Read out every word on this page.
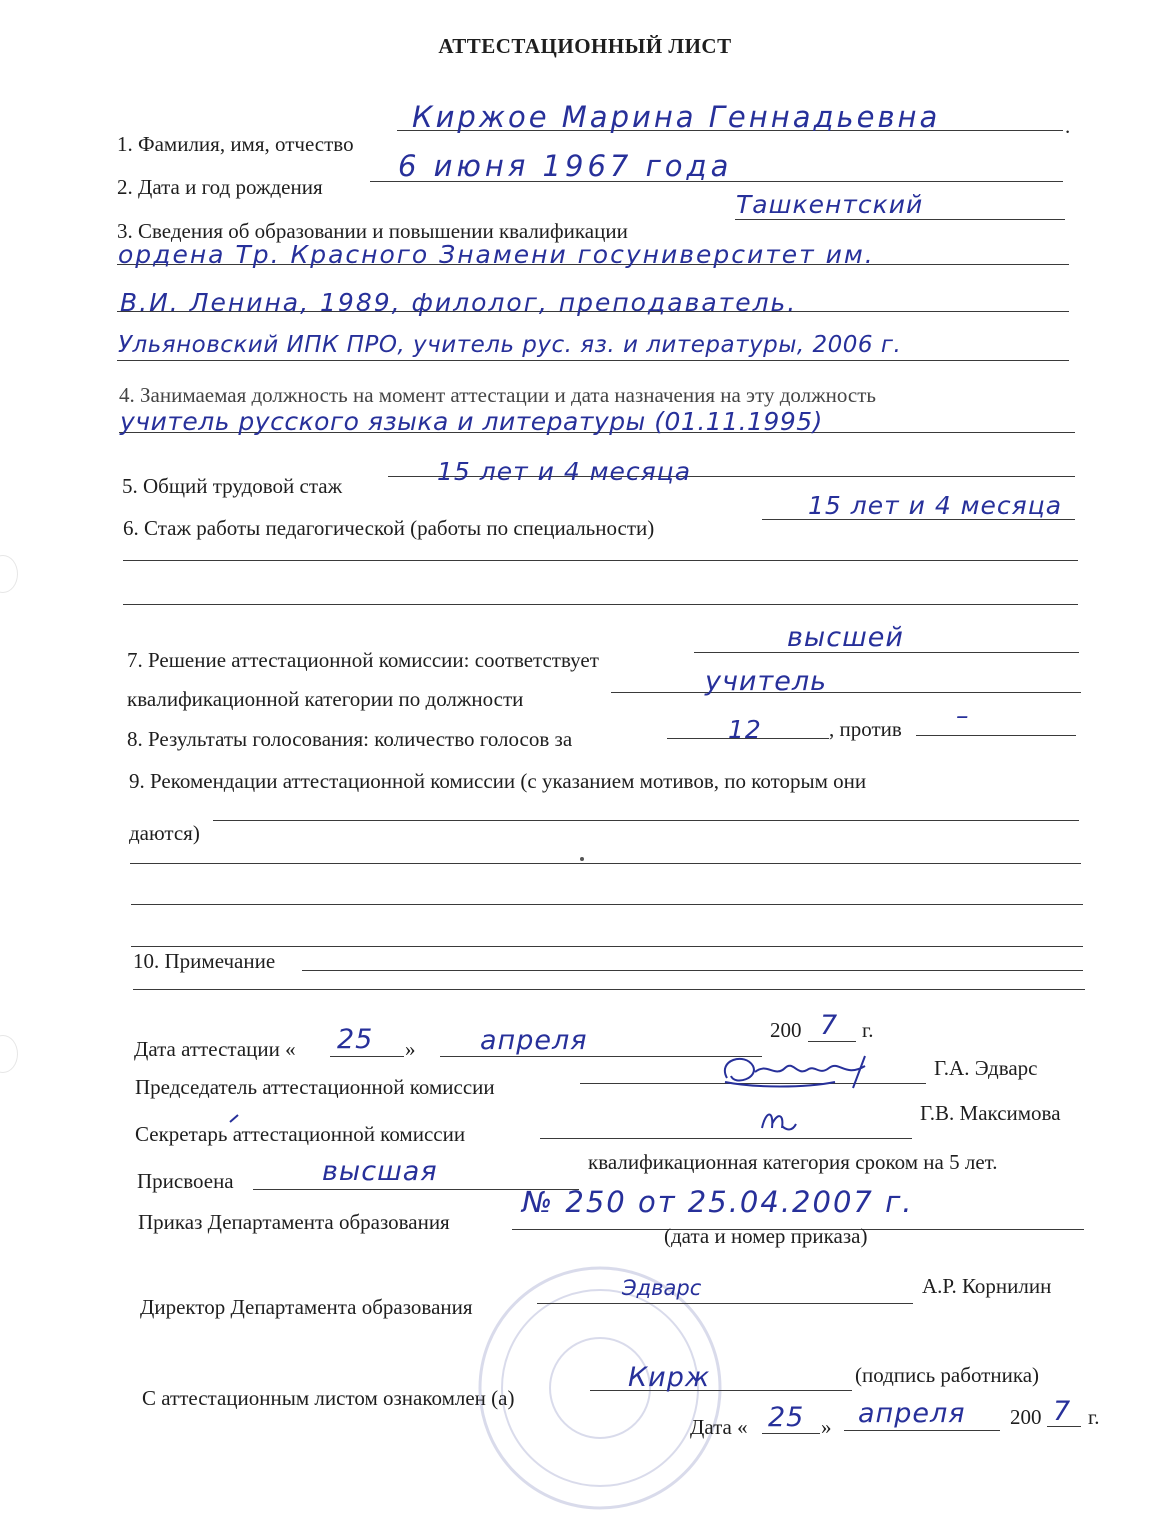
АТТЕСТАЦИОННЫЙ ЛИСТ
1. Фамилия, имя, отчество
.
Киржое Марина Геннадьевна
2. Дата и год рождения
6 июня 1967 года
3. Сведения об образовании и повышении квалификации
Ташкентский
ордена Тр. Красного Знамени госуниверситет им.
В.И. Ленина, 1989, филолог, преподаватель.
Ульяновский ИПК ПРО, учитель рус. яз. и литературы, 2006 г.
4. Занимаемая должность на момент аттестации и дата назначения на эту должность
учитель русского языка и литературы (01.11.1995)
5. Общий трудовой стаж	15 лет и 4 месяца
6. Стаж работы педагогической (работы по специальности)
15 лет и 4 месяца
7. Решение аттестационной комиссии: соответствует
высшей
квалификационной категории по должности
учитель
8. Результаты голосования: количество голосов за	12	, против –
9. Рекомендации аттестационной комиссии (с указанием мотивов, по которым они
даются)
10. Примечание
Дата аттестации « 25 » апреля	200 7 г.
Председатель аттестационной комиссии
Г.А. Эдварс
Секретарь аттестационной комиссии
Г.В. Максимова
Присвоена	высшая	квалификационная категория сроком на 5 лет.
Приказ Департамента образования
№ 250 от 25.04.2007 г.
(дата и номер приказа)
Директор Департамента образования
Эдварс	А.Р. Корнилин
С аттестационным листом ознакомлен (а)
Кирж	(подпись работника)
Дата « 25 » апреля 200 7 г.
